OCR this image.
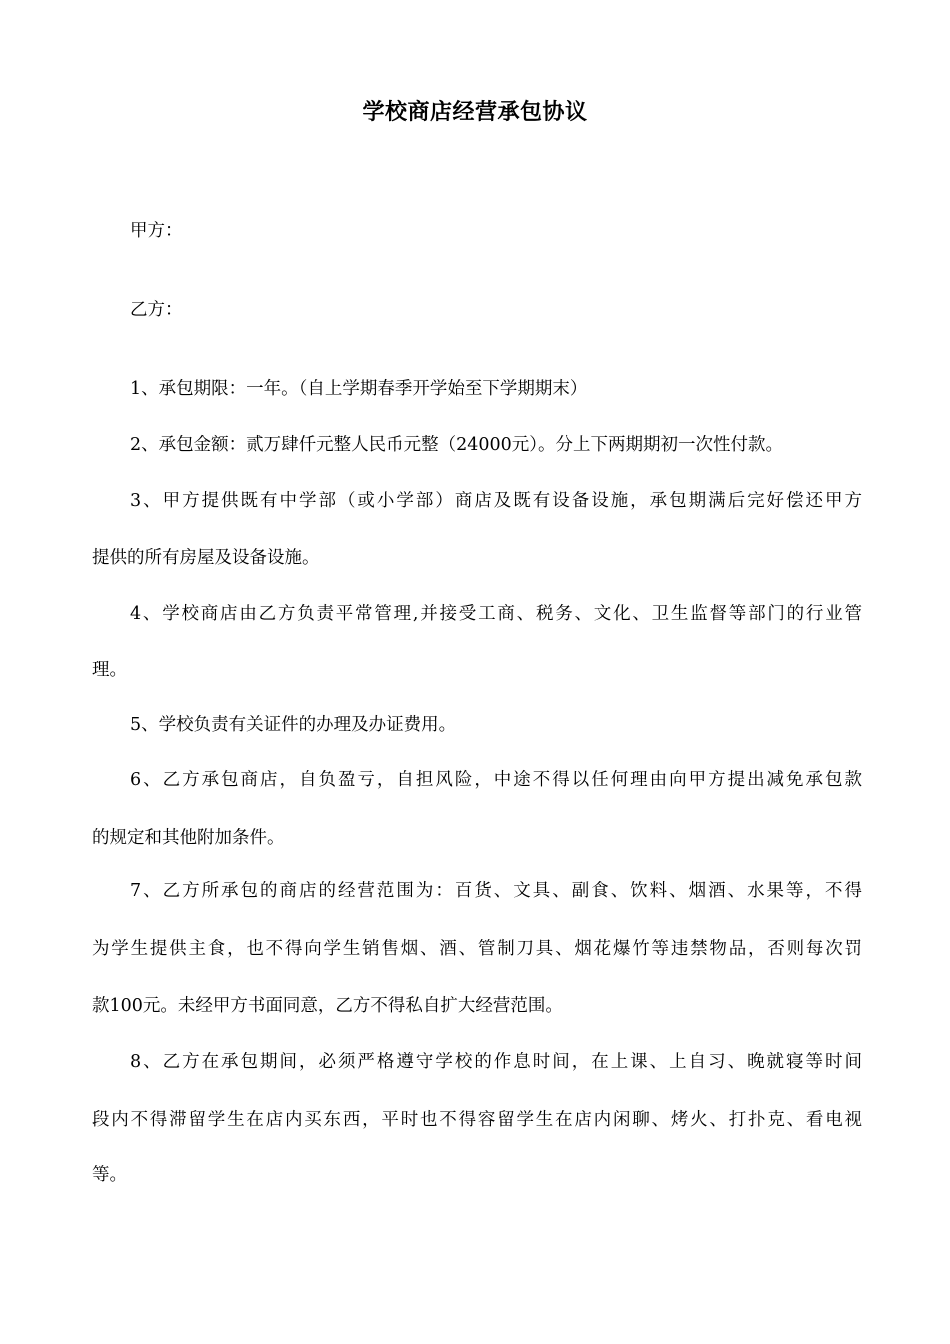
学校商店经营承包协议
甲方：
乙方：
1、承包期限：一年。（自上学期春季开学始至下学期期末）
2、承包金额：贰万肆仟元整人民币元整（24000元）。分上下两期期初一次性付款。
3、甲方提供既有中学部（或小学部）商店及既有设备设施，承包期满后完好偿还甲方
提供的所有房屋及设备设施。
4、学校商店由乙方负责平常管理,并接受工商、税务、文化、卫生监督等部门的行业管
理。
5、学校负责有关证件的办理及办证费用。
6、乙方承包商店，自负盈亏，自担风险，中途不得以任何理由向甲方提出减免承包款
的规定和其他附加条件。
7、乙方所承包的商店的经营范围为：百货、文具、副食、饮料、烟酒、水果等，不得
为学生提供主食，也不得向学生销售烟、酒、管制刀具、烟花爆竹等违禁物品，否则每次罚
款100元。未经甲方书面同意，乙方不得私自扩大经营范围。
8、乙方在承包期间，必须严格遵守学校的作息时间，在上课、上自习、晚就寝等时间
段内不得滞留学生在店内买东西，平时也不得容留学生在店内闲聊、烤火、打扑克、看电视
等。
